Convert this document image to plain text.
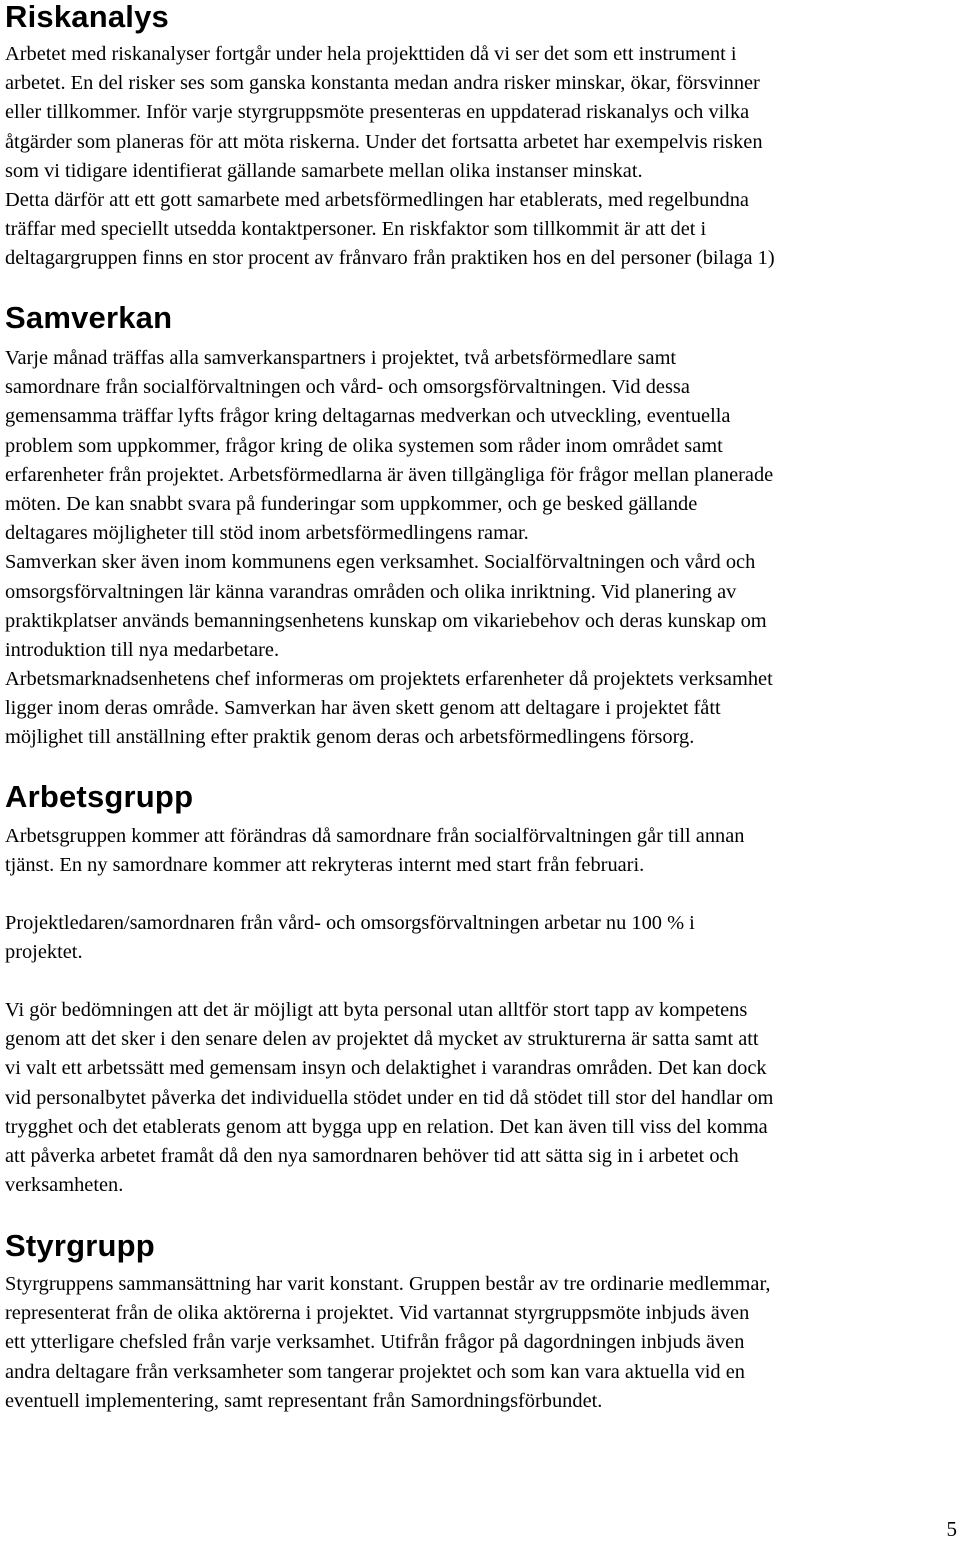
Riskanalys

Arbetet med riskanalyser fortgår under hela projekttiden då vi ser det som ett instrument i
arbetet. En del risker ses som ganska konstanta medan andra risker minskar, ökar, försvinner
eller tillkommer. Inför varje styrgruppsmöte presenteras en uppdaterad riskanalys och vilka
åtgärder som planeras för att möta riskerna. Under det fortsatta arbetet har exempelvis risken
som vi tidigare identifierat gällande samarbete mellan olika instanser minskat.
Detta därför att ett gott samarbete med arbetsförmedlingen har etablerats, med regelbundna
träffar med speciellt utsedda kontaktpersoner. En riskfaktor som tillkommit är att det i
deltagargruppen finns en stor procent av frånvaro från praktiken hos en del personer (bilaga 1)

Samverkan

Varje månad träffas alla samverkanspartners i projektet, två arbetsförmedlare samt
samordnare från socialförvaltningen och vård- och omsorgsförvaltningen. Vid dessa
gemensamma träffar lyfts frågor kring deltagarnas medverkan och utveckling, eventuella
problem som uppkommer, frågor kring de olika systemen som råder inom området samt
erfarenheter från projektet. Arbetsförmedlarna är även tillgängliga för frågor mellan planerade
möten. De kan snabbt svara på funderingar som uppkommer, och ge besked gällande
deltagares möjligheter till stöd inom arbetsförmedlingens ramar.
Samverkan sker även inom kommunens egen verksamhet. Socialförvaltningen och vård och
omsorgsförvaltningen lär känna varandras områden och olika inriktning. Vid planering av
praktikplatser används bemanningsenhetens kunskap om vikariebehov och deras kunskap om
introduktion till nya medarbetare.
Arbetsmarknadsenhetens chef informeras om projektets erfarenheter då projektets verksamhet
ligger inom deras område. Samverkan har även skett genom att deltagare i projektet fått
möjlighet till anställning efter praktik genom deras och arbetsförmedlingens försorg.

Arbetsgrupp

Arbetsgruppen kommer att förändras då samordnare från socialförvaltningen går till annan
tjänst. En ny samordnare kommer att rekryteras internt med start från februari.

Projektledaren/samordnaren från vård- och omsorgsförvaltningen arbetar nu 100 % i
projektet.

Vi gör bedömningen att det är möjligt att byta personal utan alltför stort tapp av kompetens
genom att det sker i den senare delen av projektet då mycket av strukturerna är satta samt att
vi valt ett arbetssätt med gemensam insyn och delaktighet i varandras områden. Det kan dock
vid personalbytet påverka det individuella stödet under en tid då stödet till stor del handlar om
trygghet och det etablerats genom att bygga upp en relation. Det kan även till viss del komma
att påverka arbetet framåt då den nya samordnaren behöver tid att sätta sig in i arbetet och
verksamheten.

Styrgrupp

Styrgruppens sammansättning har varit konstant. Gruppen består av tre ordinarie medlemmar,
representerat från de olika aktörerna i projektet. Vid vartannat styrgruppsmöte inbjuds även
ett ytterligare chefsled från varje verksamhet. Utifrån frågor på dagordningen inbjuds även
andra deltagare från verksamheter som tangerar projektet och som kan vara aktuella vid en
eventuell implementering, samt representant från Samordningsförbundet.

5
